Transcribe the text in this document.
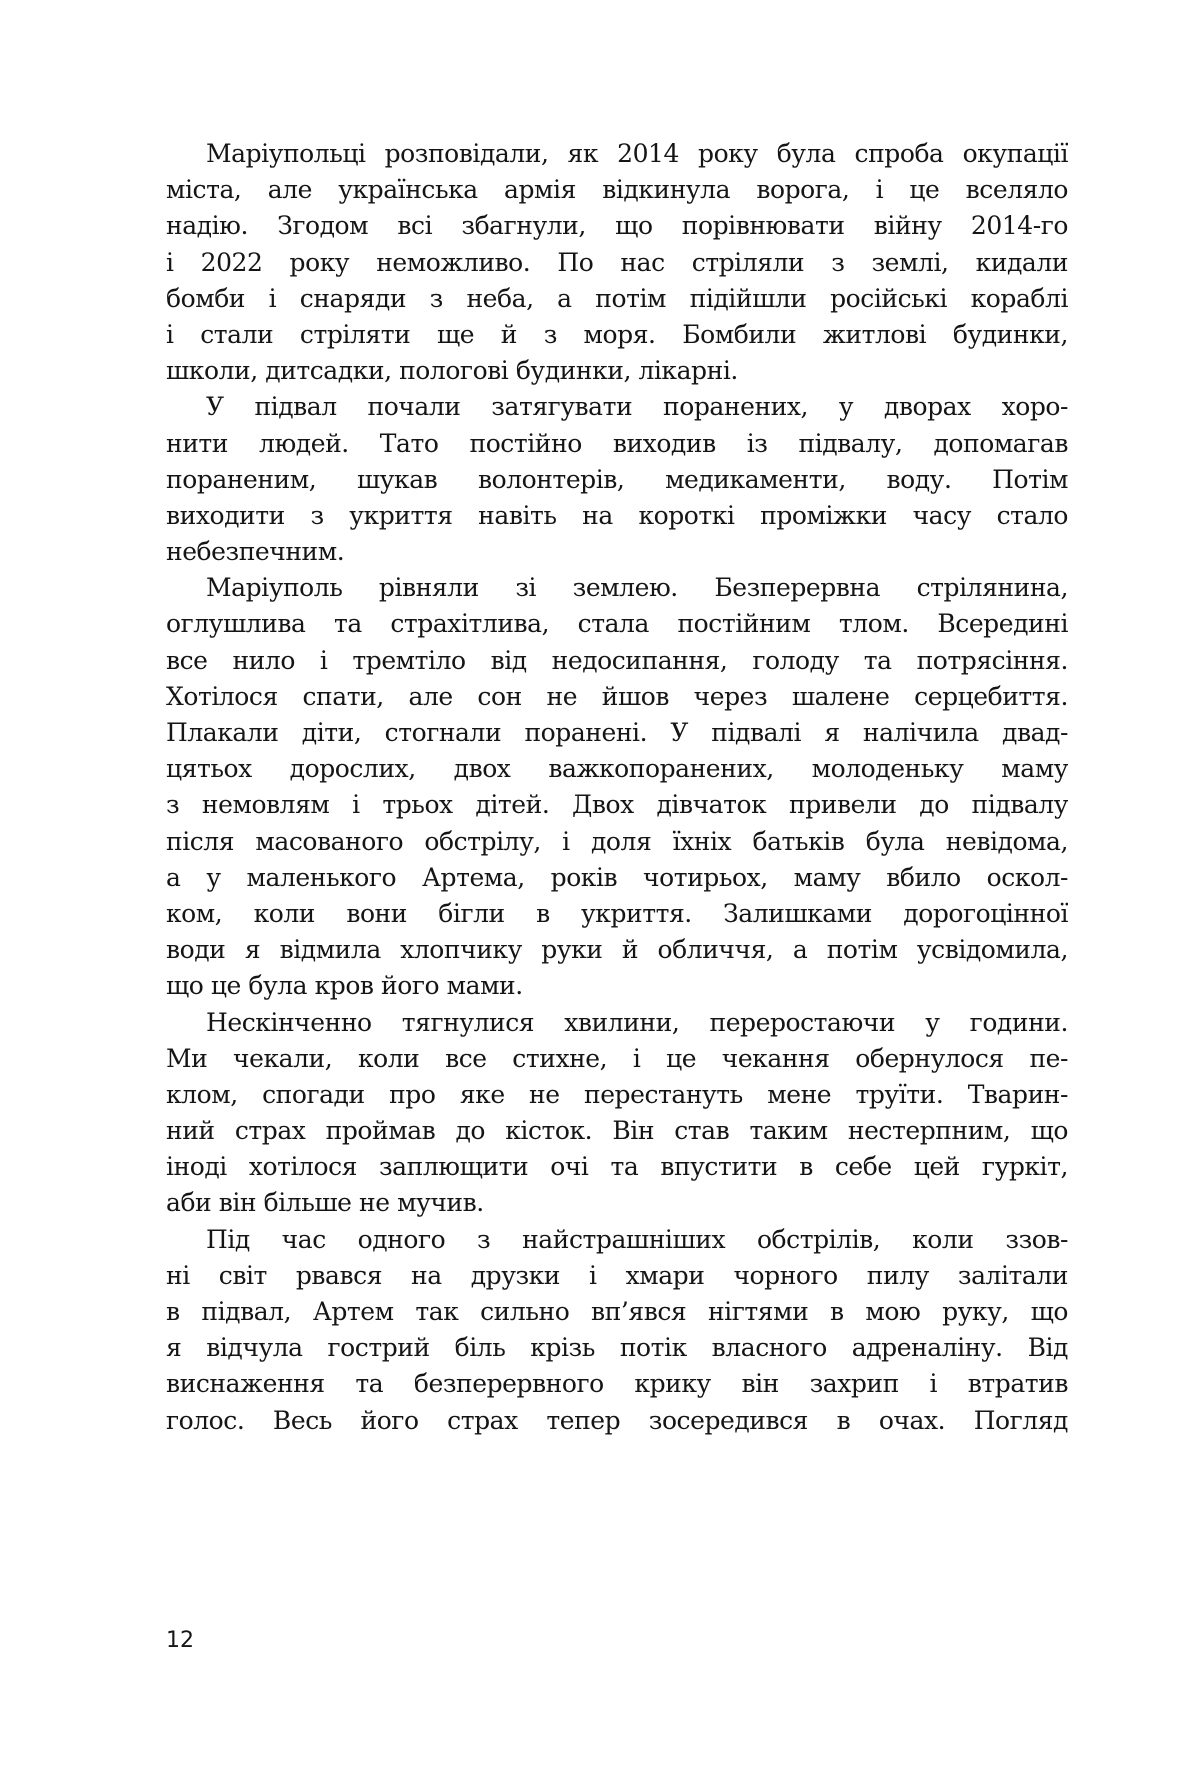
Маріупольці розповідали, як 2014 року була спроба окупації
міста, але українська армія відкинула ворога, і це вселяло
надію. Згодом всі збагнули, що порівнювати війну 2014-го
і 2022 року неможливо. По нас стріляли з землі, кидали
бомби і снаряди з неба, а потім підійшли російські кораблі
і стали стріляти ще й з моря. Бомбили житлові будинки,
школи, дитсадки, пологові будинки, лікарні.

У підвал почали затягувати поранених, у дворах хоро-
нити людей. Тато постійно виходив із підвалу, допомагав
пораненим, шукав волонтерів, медикаменти, воду. Потім
виходити з укриття навіть на короткі проміжки часу стало
небезпечним.

Маріуполь рівняли зі землею. Безперервна стрілянина,
оглушлива та страхітлива, стала постійним тлом. Всередині
все нило і тремтіло від недосипання, голоду та потрясіння.
Хотілося спати, але сон не йшов через шалене серцебиття.
Плакали діти, стогнали поранені. У підвалі я налічила двад-
цятьох дорослих, двох важкопоранених, молоденьку маму
з немовлям і трьох дітей. Двох дівчаток привели до підвалу
після масованого обстрілу, і доля їхніх батьків була невідома,
а у маленького Артема, років чотирьох, маму вбило оскол-
ком, коли вони бігли в укриття. Залишками дорогоцінної
води я відмила хлопчику руки й обличчя, а потім усвідомила,
що це була кров його мами.

Нескінченно тягнулися хвилини, переростаючи у години.
Ми чекали, коли все стихне, і це чекання обернулося пе-
клом, спогади про яке не перестануть мене труїти. Тварин-
ний страх проймав до кісток. Він став таким нестерпним, що
іноді хотілося заплющити очі та впустити в себе цей гуркіт,
аби він більше не мучив.

Під час одного з найстрашніших обстрілів, коли ззов-
ні світ рвався на друзки і хмари чорного пилу залітали
в підвал, Артем так сильно вп’явся нігтями в мою руку, що
я відчула гострий біль крізь потік власного адреналіну. Від
виснаження та безперервного крику він захрип і втратив
голос. Весь його страх тепер зосередився в очах. Погляд

12
